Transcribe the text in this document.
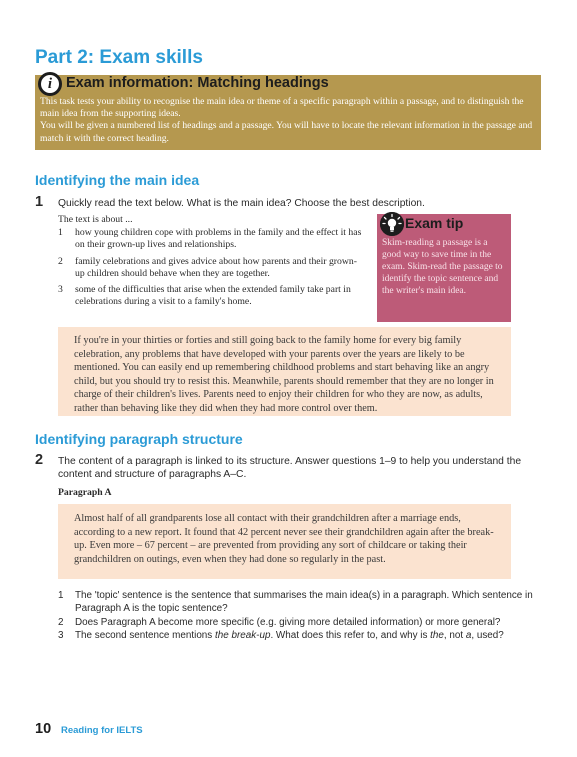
Part 2: Exam skills
i Exam information: Matching headings

This task tests your ability to recognise the main idea or theme of a specific paragraph within a passage, and to distinguish the main idea from the supporting ideas.

You will be given a numbered list of headings and a passage. You will have to locate the relevant information in the passage and match it with the correct heading.

Identifying the main idea
1 Quickly read the text below. What is the main idea? Choose the best description.
The text is about ...
1 how young children cope with problems in the family and the effect it has on their grown-up lives and relationships.
2 family celebrations and gives advice about how parents and their grown-up children should behave when they are together.
3 some of the difficulties that arise when the extended family take part in celebrations during a visit to a family's home.
Exam tip
Skim-reading a passage is a good way to save time in the exam. Skim-read the passage to identify the topic sentence and the writer's main idea.
If you're in your thirties or forties and still going back to the family home for every big family celebration, any problems that have developed with your parents over the years are likely to be mentioned. You can easily end up remembering childhood problems and start behaving like an angry child, but you should try to resist this. Meanwhile, parents should remember that they are no longer in charge of their children's lives. Parents need to enjoy their children for who they are now, as adults, rather than behaving like they did when they had more control over them.
Identifying paragraph structure
2 The content of a paragraph is linked to its structure. Answer questions 1–9 to help you understand the content and structure of paragraphs A–C.
Paragraph A
Almost half of all grandparents lose all contact with their grandchildren after a marriage ends, according to a new report. It found that 42 percent never see their grandchildren again after the break-up. Even more – 67 percent – are prevented from providing any sort of childcare or taking their grandchildren on outings, even when they had done so regularly in the past.
1 The 'topic' sentence is the sentence that summarises the main idea(s) in a paragraph. Which sentence in Paragraph A is the topic sentence?
2 Does Paragraph A become more specific (e.g. giving more detailed information) or more general?
3 The second sentence mentions the break-up. What does this refer to, and why is the, not a, used?
10 Reading for IELTS
